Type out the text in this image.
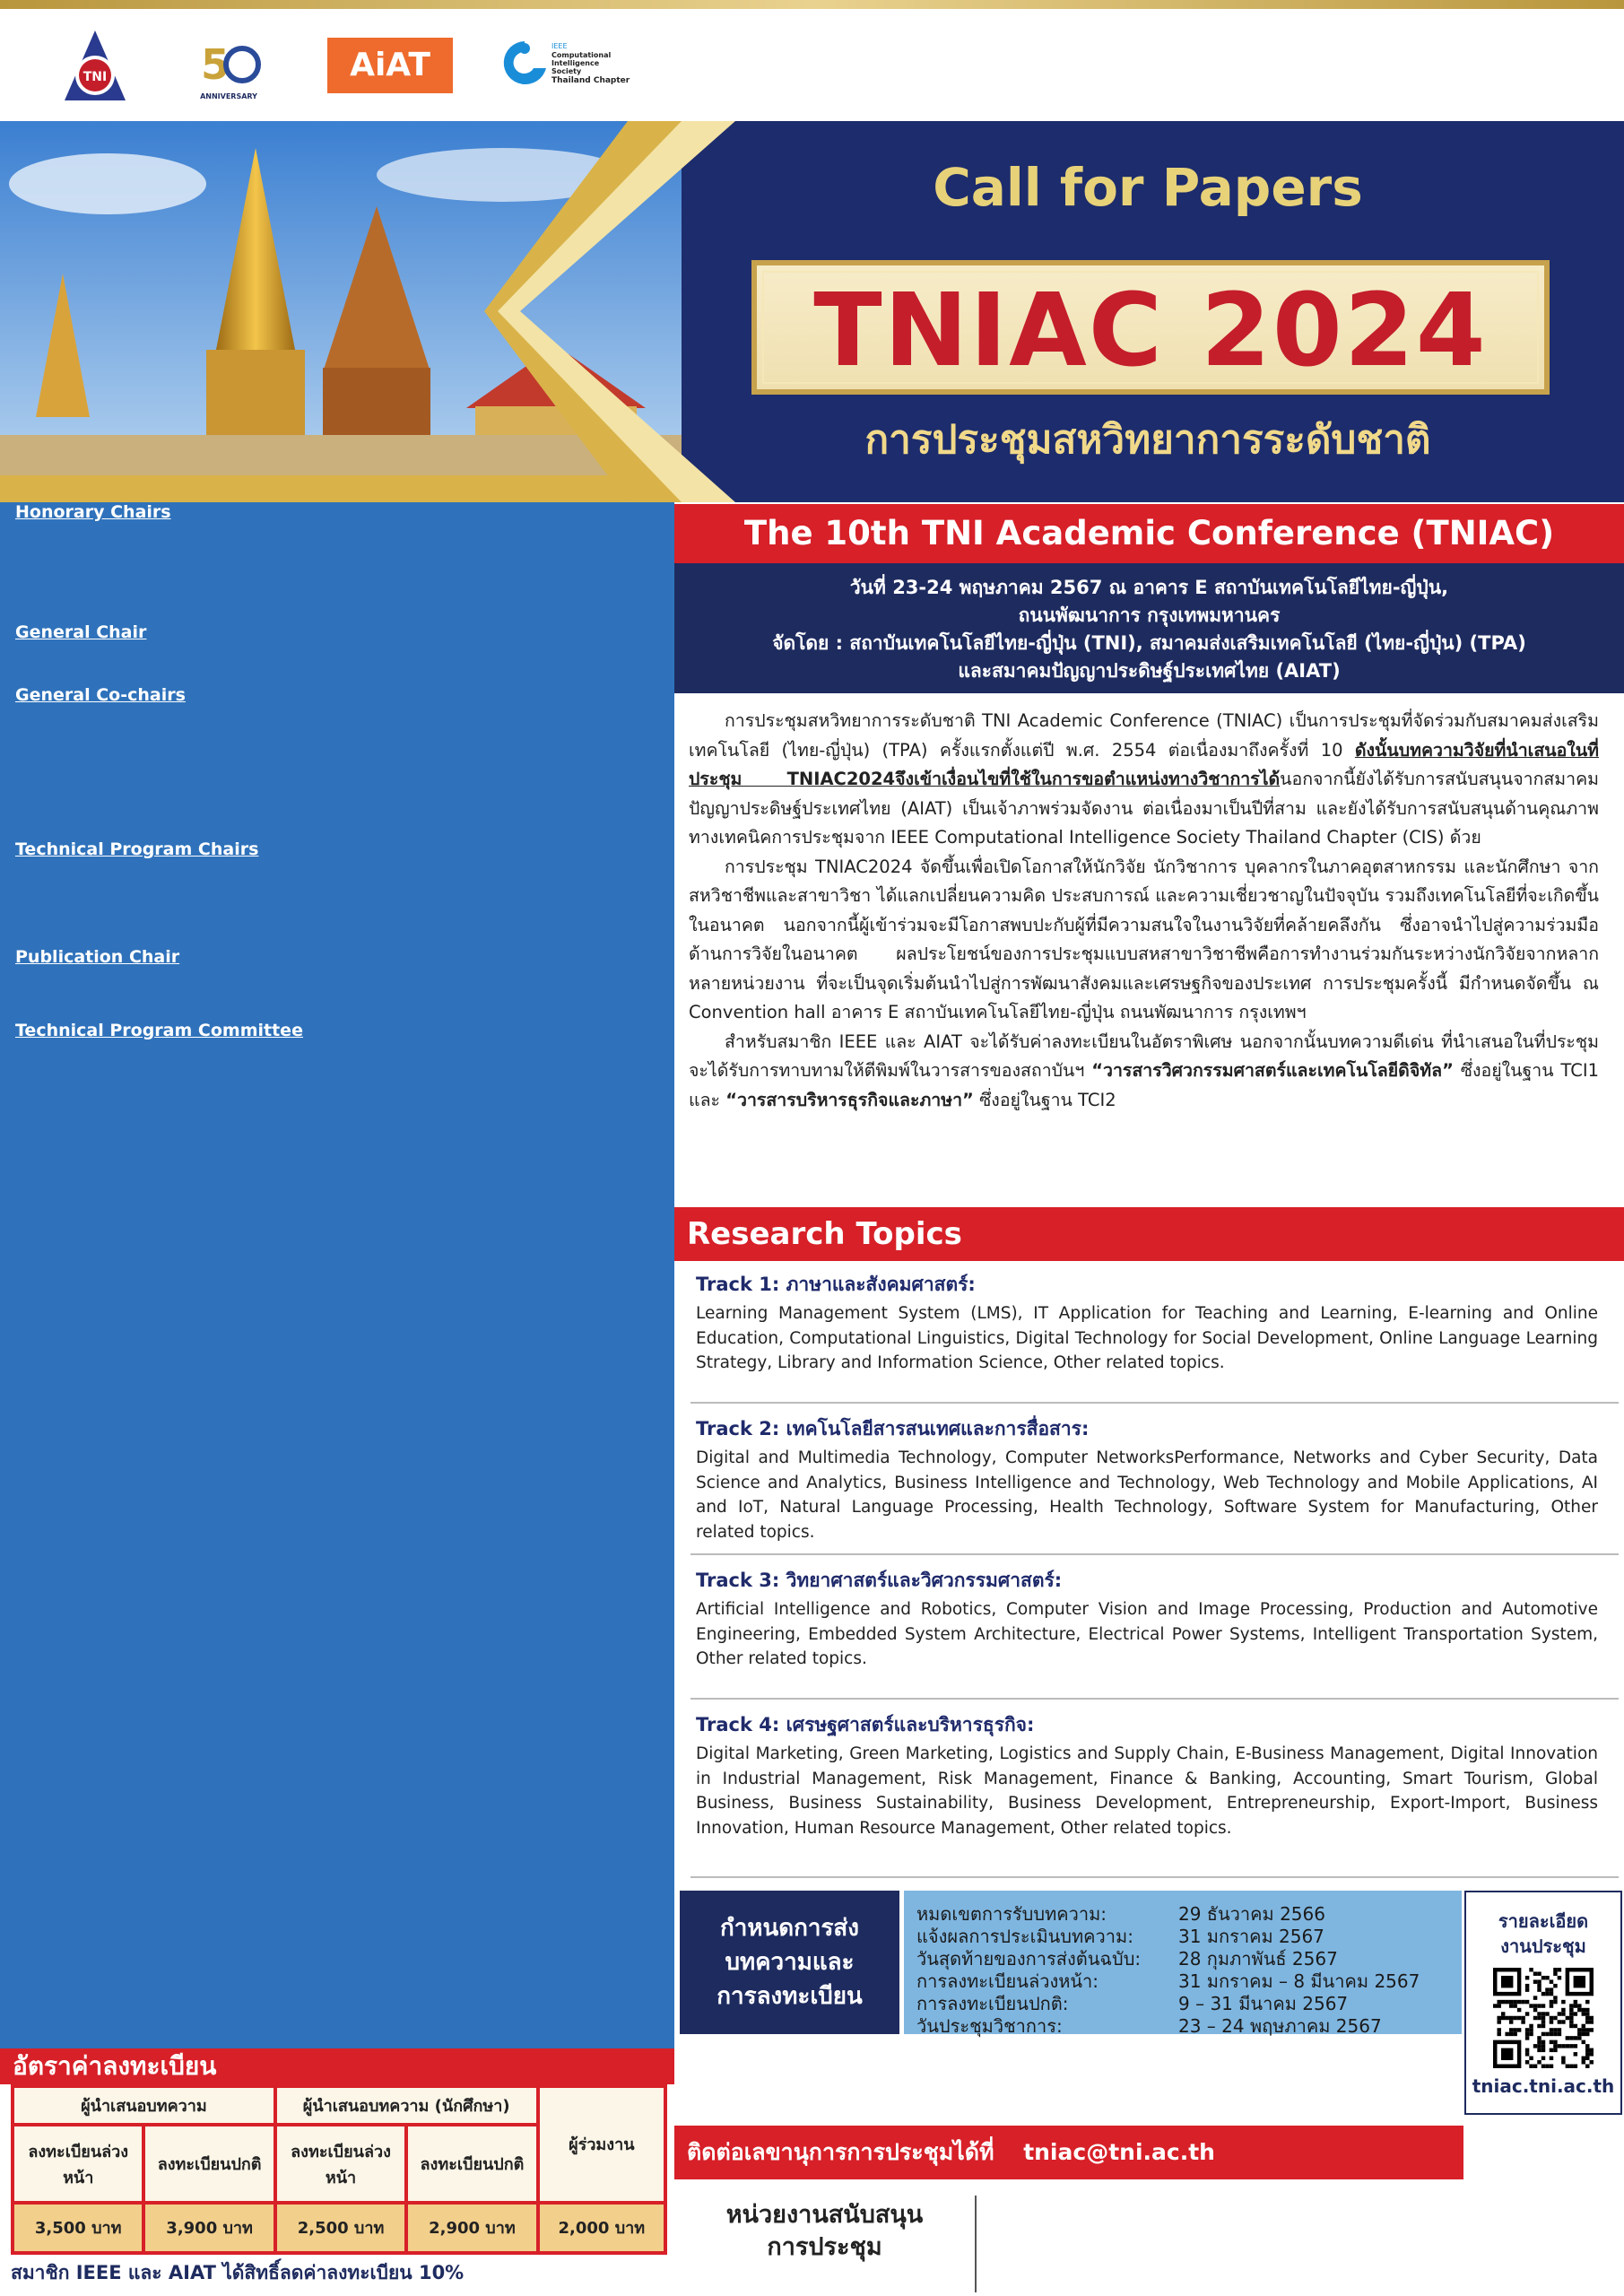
TNI 5
ANNIVERSARY
AiAT
IEEE
Computational
Intelligence
Society
Thailand Chapter
Call for Papers
TNIAC 2024
การประชุมสหวิทยาการระดับชาติ
Honorary Chairs
General Chair
General Co-chairs
Technical Program Chairs
Publication Chair
Technical Program Committee
The 10th TNI Academic Conference (TNIAC)
วันที่ 23-24 พฤษภาคม 2567 ณ อาคาร E สถาบันเทคโนโลยีไทย-ญี่ปุ่น,
ถนนพัฒนาการ กรุงเทพมหานคร
จัดโดย : สถาบันเทคโนโลยีไทย-ญี่ปุ่น (TNI), สมาคมส่งเสริมเทคโนโลยี (ไทย-ญี่ปุ่น) (TPA)
และสมาคมปัญญาประดิษฐ์ประเทศไทย (AIAT)

การประชุมสหวิทยาการระดับชาติ TNI Academic Conference (TNIAC) เป็นการประชุมที่จัดร่วมกับสมาคมส่งเสริมเทคโนโลยี (ไทย-ญี่ปุ่น) (TPA) ครั้งแรกตั้งแต่ปี พ.ศ. 2554 ต่อเนื่องมาถึงครั้งที่ 10 ดังนั้นบทความวิจัยที่นำเสนอในที่ประชุม TNIAC2024จึงเข้าเงื่อนไขที่ใช้ในการขอตำแหน่งทางวิชาการได้นอกจากนี้ยังได้รับการสนับสนุนจากสมาคมปัญญาประดิษฐ์ประเทศไทย (AIAT) เป็นเจ้าภาพร่วมจัดงาน ต่อเนื่องมาเป็นปีที่สาม และยังได้รับการสนับสนุนด้านคุณภาพทางเทคนิคการประชุมจาก IEEE Computational Intelligence Society Thailand Chapter (CIS) ด้วย

การประชุม TNIAC2024 จัดขึ้นเพื่อเปิดโอกาสให้นักวิจัย นักวิชาการ บุคลากรในภาคอุตสาหกรรม และนักศึกษา จากสหวิชาชีพและสาขาวิชา ได้แลกเปลี่ยนความคิด ประสบการณ์ และความเชี่ยวชาญในปัจจุบัน รวมถึงเทคโนโลยีที่จะเกิดขึ้นในอนาคต นอกจากนี้ผู้เข้าร่วมจะมีโอกาสพบปะกับผู้ที่มีความสนใจในงานวิจัยที่คล้ายคลึงกัน ซึ่งอาจนำไปสู่ความร่วมมือด้านการวิจัยในอนาคต ผลประโยชน์ของการประชุมแบบสหสาขาวิชาชีพคือการทำงานร่วมกันระหว่างนักวิจัยจากหลากหลายหน่วยงาน ที่จะเป็นจุดเริ่มต้นนำไปสู่การพัฒนาสังคมและเศรษฐกิจของประเทศ การประชุมครั้งนี้ มีกำหนดจัดขึ้น ณ Convention hall อาคาร E สถาบันเทคโนโลยีไทย-ญี่ปุ่น ถนนพัฒนาการ กรุงเทพฯ

สำหรับสมาชิก IEEE และ AIAT จะได้รับค่าลงทะเบียนในอัตราพิเศษ นอกจากนั้นบทความดีเด่น ที่นำเสนอในที่ประชุม จะได้รับการทาบทามให้ตีพิมพ์ในวารสารของสถาบันฯ “วารสารวิศวกรรมศาสตร์และเทคโนโลยีดิจิทัล” ซึ่งอยู่ในฐาน TCI1 และ “วารสารบริหารธุรกิจและภาษา” ซึ่งอยู่ในฐาน TCI2

Research Topics
Track 1: ภาษาและสังคมศาสตร์:
Learning Management System (LMS), IT Application for Teaching and Learning, E-learning and Online Education, Computational Linguistics, Digital Technology for Social Development, Online Language Learning Strategy, Library and Information Science, Other related topics.
Track 2: เทคโนโลยีสารสนเทศและการสื่อสาร:
Digital and Multimedia Technology, Computer NetworksPerformance, Networks and Cyber Security, Data Science and Analytics, Business Intelligence and Technology, Web Technology and Mobile Applications, AI and IoT, Natural Language Processing, Health Technology, Software System for Manufacturing, Other related topics.
Track 3: วิทยาศาสตร์และวิศวกรรมศาสตร์:
Artificial Intelligence and Robotics, Computer Vision and Image Processing, Production and Automotive Engineering, Embedded System Architecture, Electrical Power Systems, Intelligent Transportation System, Other related topics.
Track 4: เศรษฐศาสตร์และบริหารธุรกิจ:
Digital Marketing, Green Marketing, Logistics and Supply Chain, E-Business Management, Digital Innovation in Industrial Management, Risk Management, Finance & Banking, Accounting, Smart Tourism, Global Business, Business Sustainability, Business Development, Entrepreneurship, Export-Import, Business Innovation, Human Resource Management, Other related topics.
กำหนดการส่ง
บทความและ
การลงทะเบียน
หมดเขตการรับบทความ:	29 ธันวาคม 2566
แจ้งผลการประเมินบทความ:	31 มกราคม 2567
วันสุดท้ายของการส่งต้นฉบับ: 28 กุมภาพันธ์ 2567
การลงทะเบียนล่วงหน้า:	31 มกราคม – 8 มีนาคม 2567
การลงทะเบียนปกติ:	9 – 31 มีนาคม 2567
วันประชุมวิชาการ:	23 – 24 พฤษภาคม 2567
รายละเอียด
งานประชุม
tniac.tni.ac.th
ติดต่อเลขานุการการประชุมได้ที่ tniac@tni.ac.th
หน่วยงานสนับสนุน
การประชุม
อัตราค่าลงทะเบียน
ผู้นำเสนอบทความ		ผู้นำเสนอบทความ (นักศึกษา)		ผู้ร่วมงาน
ลงทะเบียนล่วงหน้า	ลงทะเบียนปกติ	ลงทะเบียนล่วงหน้า	ลงทะเบียนปกติ	
3,500 บาท	3,900 บาท	2,500 บาท	2,900 บาท	2,000 บาท
สมาชิก IEEE และ AIAT ได้สิทธิ์ลดค่าลงทะเบียน 10%
